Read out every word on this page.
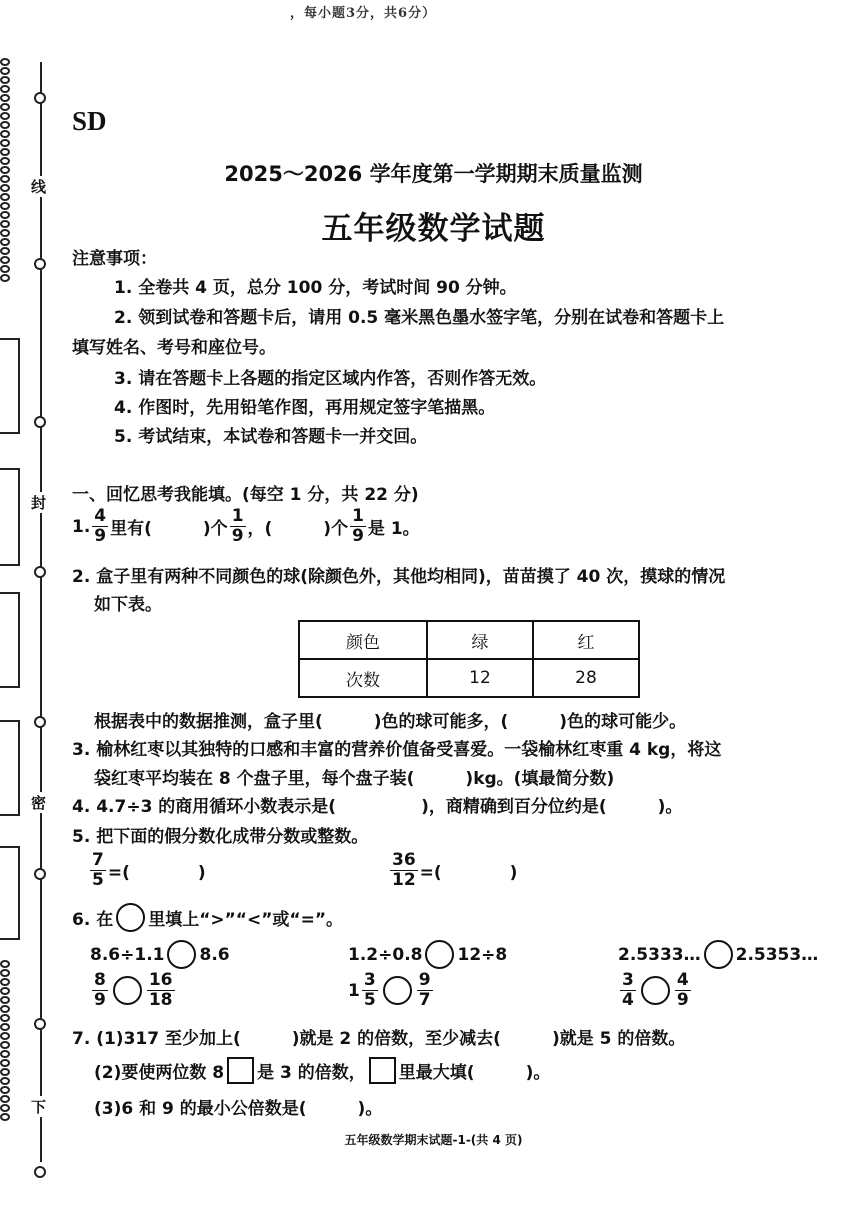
线
封
密
下
，每小题3分，共6分）
SD
2025～2026 学年度第一学期期末质量监测
五年级数学试题
注意事项：
1. 全卷共 4 页，总分 100 分，考试时间 90 分钟。
2. 领到试卷和答题卡后，请用 0.5 毫米黑色墨水签字笔，分别在试卷和答题卡上
填写姓名、考号和座位号。
3. 请在答题卡上各题的指定区域内作答，否则作答无效。
4. 作图时，先用铅笔作图，再用规定签字笔描黑。
5. 考试结束，本试卷和答题卡一并交回。
一、回忆思考我能填。(每空 1 分，共 22 分)
1. $\frac{4}{9}$ 里有(　　　)个 $\frac{1}{9}$ ，(　　　)个 $\frac{1}{9}$ 是 1。
2. 盒子里有两种不同颜色的球(除颜色外，其他均相同)，苗苗摸了 40 次，摸球的情况
如下表。
颜色	绿	红
次数	12	28
根据表中的数据推测，盒子里(　　　)色的球可能多，(　　　)色的球可能少。
3. 榆林红枣以其独特的口感和丰富的营养价值备受喜爱。一袋榆林红枣重 4 kg，将这
袋红枣平均装在 8 个盘子里，每个盘子装(　　　)kg。(填最简分数)
4. 4.7÷3 的商用循环小数表示是(　　　　　)，商精确到百分位约是(　　　)。
5. 把下面的假分数化成带分数或整数。
$\frac{7}{5}$ =(　　　　)	$\frac{36}{12}$ =(　　　　)
6. 在 里填上“>”“<”或“=”。
8.6÷1.1 8.6	1.2÷0.8 12÷8	2.5333… 2.5353…
$\frac{8}{9} \frac{16}{18}$	$1 \frac{3}{5} \frac{9}{7}$	$\frac{3}{4} \frac{4}{9}$
7. (1)317 至少加上(　　　)就是 2 的倍数，至少减去(　　　)就是 5 的倍数。
(2)要使两位数 8 是 3 的倍数， 里最大填(　　　)。
(3)6 和 9 的最小公倍数是(　　　)。
五年级数学期末试题-1-(共 4 页)
